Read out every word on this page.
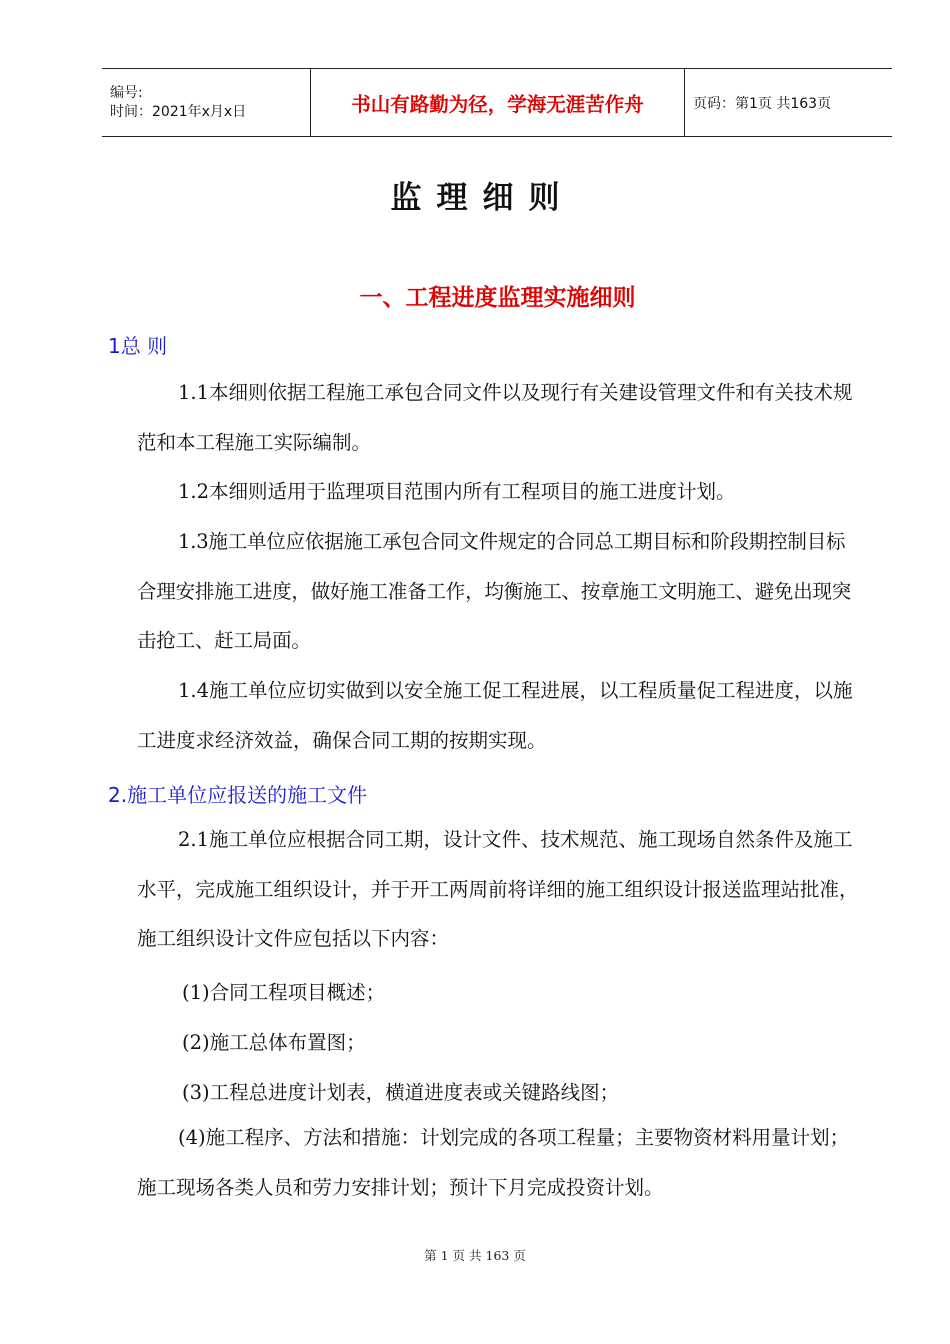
编号:
时间：2021年x月x日	书山有路勤为径，学海无涯苦作舟	页码：第1页 共163页
监理细则
一、工程进度监理实施细则
1总 则

1.1本细则依据工程施工承包合同文件以及现行有关建设管理文件和有关技术规范和本工程施工实际编制。

1.2本细则适用于监理项目范围内所有工程项目的施工进度计划。

1.3施工单位应依据施工承包合同文件规定的合同总工期目标和阶段期控制目标合理安排施工进度，做好施工准备工作，均衡施工、按章施工文明施工、避免出现突击抢工、赶工局面。

1.4施工单位应切实做到以安全施工促工程进展，以工程质量促工程进度，以施工进度求经济效益，确保合同工期的按期实现。

2.施工单位应报送的施工文件

2.1施工单位应根据合同工期，设计文件、技术规范、施工现场自然条件及施工水平，完成施工组织设计，并于开工两周前将详细的施工组织设计报送监理站批准，施工组织设计文件应包括以下内容：

(1)合同工程项目概述；
(2)施工总体布置图；
(3)工程总进度计划表，横道进度表或关键路线图；

(4)施工程序、方法和措施：计划完成的各项工程量；主要物资材料用量计划；施工现场各类人员和劳力安排计划；预计下月完成投资计划。

第 1 页 共 163 页
